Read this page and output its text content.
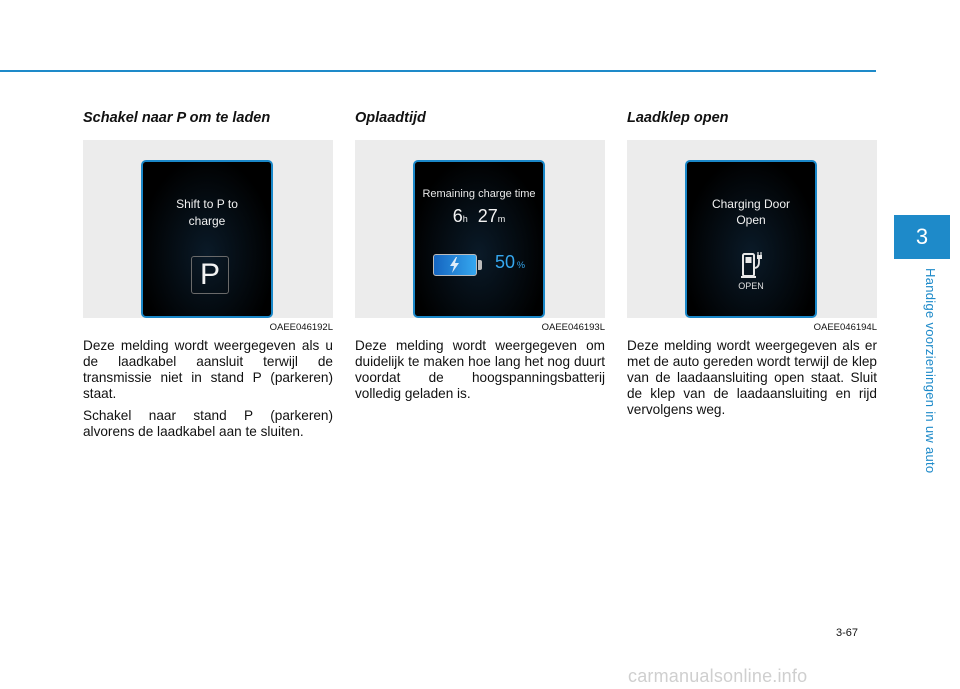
3
Handige voorzieningen in uw auto
Schakel naar P om te laden
Shift to P to
charge
P
OAEE046192L

Deze melding wordt weergegeven als u de laadkabel aansluit terwijl de transmissie niet in stand P (parkeren) staat.

Schakel naar stand P (parkeren) alvorens de laadkabel aan te sluiten.

Oplaadtijd
Remaining charge time
6h 27m
50 %
OAEE046193L

Deze melding wordt weergegeven om duidelijk te maken hoe lang het nog duurt voordat de hoogspanningsbatterij volledig geladen is.

Laadklep open
Charging Door
Open
OPEN
OAEE046194L

Deze melding wordt weergegeven als er met de auto gereden wordt terwijl de klep van de laadaansluiting open staat. Sluit de klep van de laadaansluiting en rijd vervolgens weg.

3-67
carmanualsonline.info
